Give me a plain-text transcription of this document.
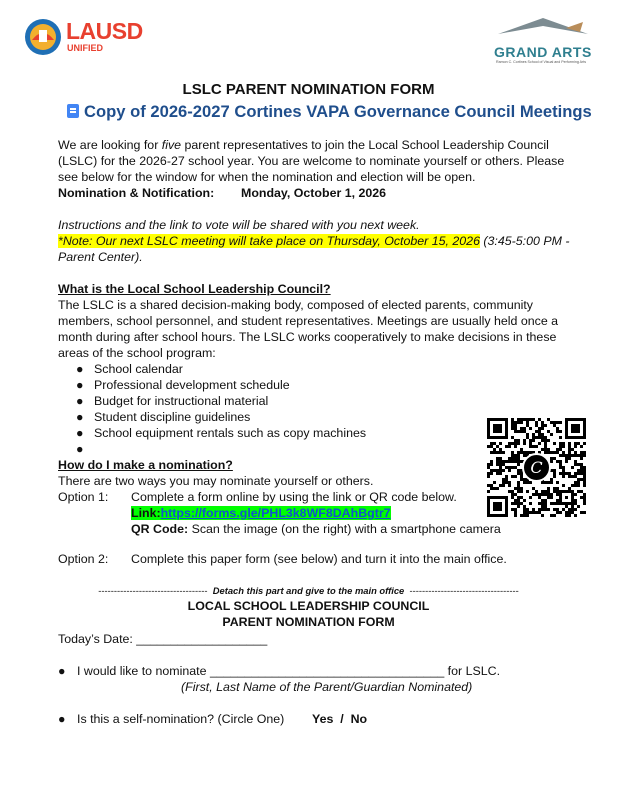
LAUSD
UNIFIED	GRAND ARTS
Ramon C. Cortines School of Visual and Performing Arts
LSLC PARENT NOMINATION FORM
Copy of 2026-2027 Cortines VAPA Governance Council Meetings
We are looking for five parent representatives to join the Local School Leadership Council
(LSLC) for the 2026-27 school year. You are welcome to nominate yourself or others. Please
see below for the window for when the nomination and election will be open.
Nomination & Notification: Monday, October 1, 2026
Instructions and the link to vote will be shared with you next week.
*Note: Our next LSLC meeting will take place on Thursday, October 15, 2026 (3:45-5:00 PM -
Parent Center).
What is the Local School Leadership Council?
The LSLC is a shared decision-making body, composed of elected parents, community
members, school personnel, and student representatives. Meetings are usually held once a
month during after school hours. The LSLC works cooperatively to make decisions in these
areas of the school program:
● School calendar
● Professional development schedule
● Budget for instructional material
● Student discipline guidelines
● School equipment rentals such as copy machines
●
C
How do I make a nomination?
There are two ways you may nominate yourself or others.
Option 1: Complete a form online by using the link or QR code below.
Link:https://forms.gle/PHL3k8WF8DAhBgtr7
QR Code: Scan the image (on the right) with a smartphone camera
Option 2: Complete this paper form (see below) and turn it into the main office.
----------------------------------- Detach this part and give to the main office -----------------------------------
LOCAL SCHOOL LEADERSHIP COUNCIL
PARENT NOMINATION FORM
Today’s Date: ___________________
● I would like to nominate __________________________________ for LSLC.
(First, Last Name of the Parent/Guardian Nominated)
● Is this a self-nomination? (Circle One) Yes  /  No
